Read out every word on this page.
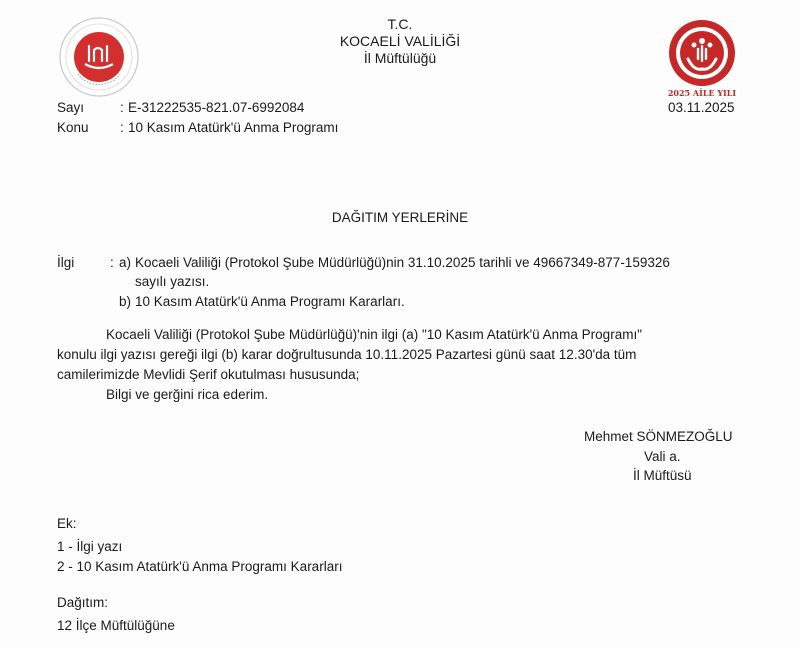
T.C.
KOCAELİ VALİLİĞİ
İl Müftülüğü
2025 AİLE YILI
Sayı	: E-31222535-821.07-6992084	03.11.2025
Konu : 10 Kasım Atatürk'ü Anma Programı
DAĞITIM YERLERİNE
İlgi	: a) Kocaeli Valiliği (Protokol Şube Müdürlüğü)nin 31.10.2025 tarihli ve 49667349-877-159326
sayılı yazısı.
b) 10 Kasım Atatürk'ü Anma Programı Kararları.
Kocaeli Valiliği (Protokol Şube Müdürlüğü)'nin ilgi (a) "10 Kasım Atatürk'ü Anma Programı"
konulu ilgi yazısı gereği ilgi (b) karar doğrultusunda 10.11.2025 Pazartesi günü saat 12.30'da tüm
camilerimizde Mevlidi Şerif okutulması hususunda;
Bilgi ve gerğini rica ederim.
Mehmet SÖNMEZOĞLU
Vali a.
İl Müftüsü
Ek:
1 - İlgi yazı
2 - 10 Kasım Atatürk'ü Anma Programı Kararları
Dağıtım:
12 İlçe Müftülüğüne
